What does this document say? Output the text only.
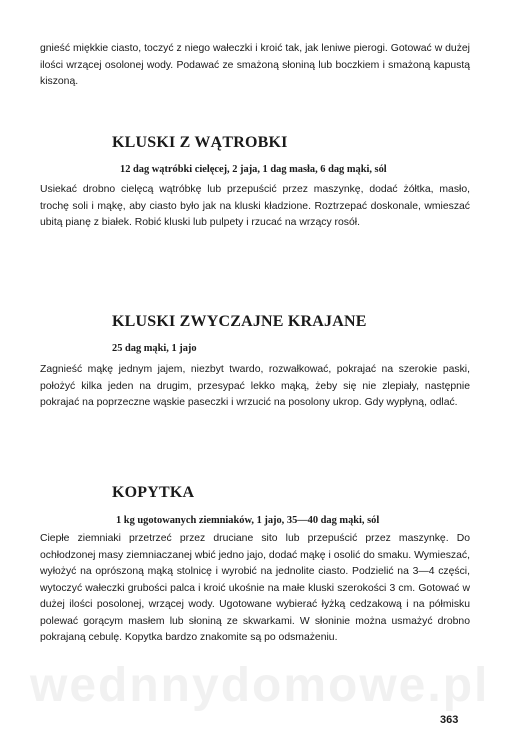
gnieść miękkie ciasto, toczyć z niego wałeczki i kroić tak, jak leniwe pierogi. Gotować w dużej ilości wrzącej osolonej wody. Podawać ze smażoną słoniną lub boczkiem i smażoną kapustą kiszoną.

KLUSKI Z WĄTROBKI

12 dag wątróbki cielęcej, 2 jaja, 1 dag masła, 6 dag mąki, sól

Usiekać drobno cielęcą wątróbkę lub przepuścić przez maszynkę, dodać żółtka, masło, trochę soli i mąkę, aby ciasto było jak na kluski kładzione. Roztrzepać doskonale, wmieszać ubitą pianę z białek. Robić kluski lub pulpety i rzucać na wrzący rosół.

KLUSKI ZWYCZAJNE KRAJANE

25 dag mąki, 1 jajo

Zagnieść mąkę jednym jajem, niezbyt twardo, rozwałkować, pokrajać na szerokie paski, położyć kilka jeden na drugim, przesypać lekko mąką, żeby się nie zlepiały, następnie pokrajać na poprzeczne wąskie paseczki i wrzucić na posolony ukrop. Gdy wypłyną, odlać.

KOPYTKA

1 kg ugotowanych ziemniaków, 1 jajo, 35—40 dag mąki, sól

Ciepłe ziemniaki przetrzeć przez druciane sito lub przepuścić przez maszynkę. Do ochłodzonej masy ziemniaczanej wbić jedno jajo, dodać mąkę i osolić do smaku. Wymieszać, wyłożyć na oprószoną mąką stolnicę i wyrobić na jednolite ciasto. Podzielić na 3—4 części, wytoczyć wałeczki grubości palca i kroić ukośnie na małe kluski szerokości 3 cm. Gotować w dużej ilości posolonej, wrzącej wody. Ugotowane wybierać łyżką cedzakową i na półmisku polewać gorącym masłem lub słoniną ze skwarkami. W słoninie można usmażyć drobno pokrajaną cebulę. Kopytka bardzo znakomite są po odsmażeniu.

wednnydomowe.pl
363
